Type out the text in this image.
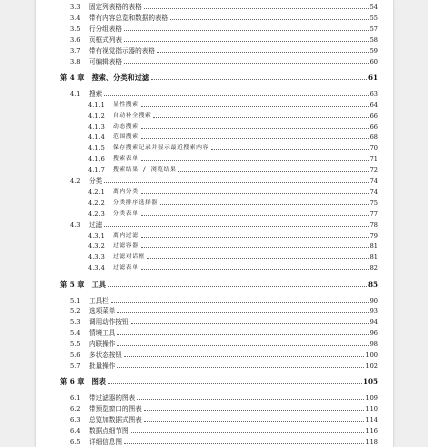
3.3 固定列表格的表格	54
3.4 带有内容总览和数据的表格	55
3.5 行分组表格	57
3.6 页框式列表	58
3.7 带有视觉指示器的表格	59
3.8 可编辑表格	60
第 4 章　搜索、分类和过滤	61
4.1 搜索	63
4.1.1 显性搜索	64
4.1.2 自动补全搜索	66
4.1.3 动态搜索	66
4.1.4 范围搜索	68
4.1.5 保存搜索记录并显示最近搜索内容	70
4.1.6 搜索表单	71
4.1.7 搜索结果 / 浏览结果	72
4.2 分类	74
4.2.1 离内分类	74
4.2.2 分类排序选择器	75
4.2.3 分类表单	77
4.3 过滤	78
4.3.1 离内过滤	79
4.3.2 过滤容器	81
4.3.3 过滤对话框	81
4.3.4 过滤表单	82
第 5 章　工具	85
5.1 工具栏	90
5.2 选项菜单	93
5.3 调用动作按钮	94
5.4 情境工具	96
5.5 内联操作	98
5.6 多状态按钮	100
5.7 批量操作	102
第 6 章　图表	105
6.1 带过滤器的图表	109
6.2 带预览窗口的图表	110
6.3 总览加数据式图表	114
6.4 数据点细节图	116
6.5 详细信息图	118
